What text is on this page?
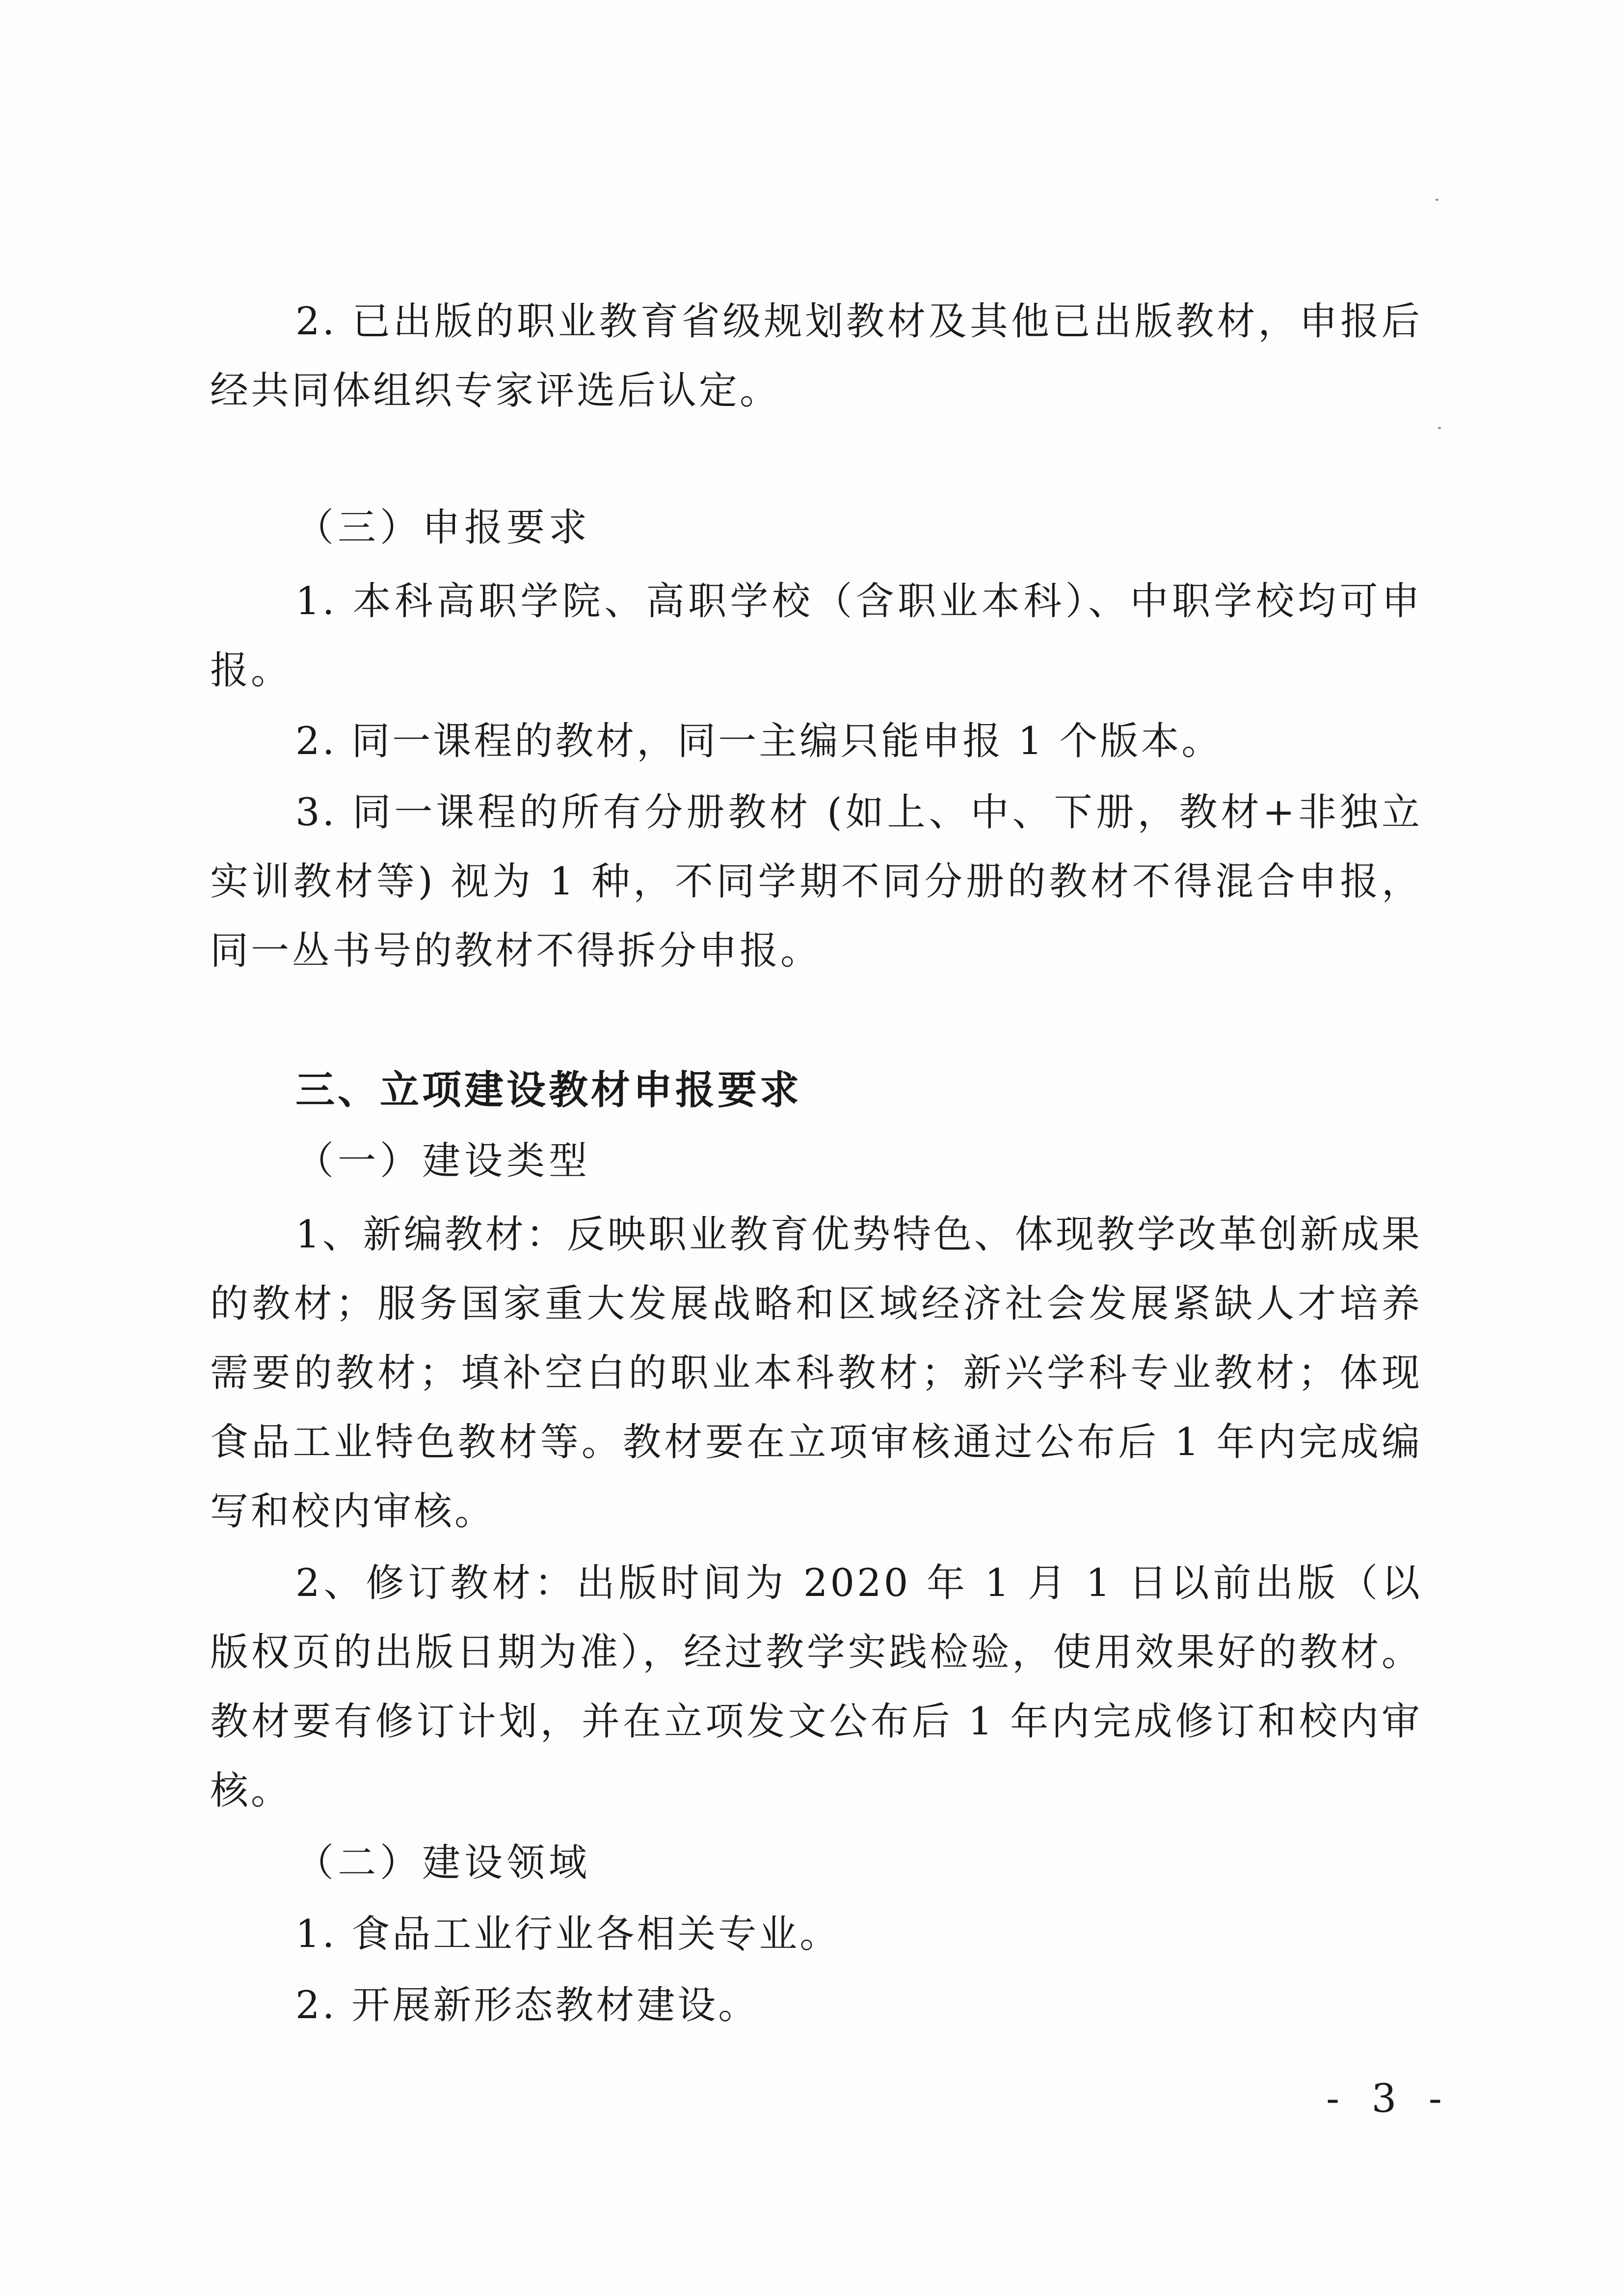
2. 已出版的职业教育省级规划教材及其他已出版教材，申报后经共同体组织专家评选后认定。

（三）申报要求

1. 本科高职学院、高职学校（含职业本科）、中职学校均可申报。

2. 同一课程的教材，同一主编只能申报 1 个版本。

3. 同一课程的所有分册教材 (如上、中、下册，教材+非独立实训教材等) 视为 1 种，不同学期不同分册的教材不得混合申报，同一丛书号的教材不得拆分申报。

三、立项建设教材申报要求

（一）建设类型

1、新编教材：反映职业教育优势特色、体现教学改革创新成果的教材；服务国家重大发展战略和区域经济社会发展紧缺人才培养需要的教材；填补空白的职业本科教材；新兴学科专业教材；体现食品工业特色教材等。教材要在立项审核通过公布后 1 年内完成编写和校内审核。

2、修订教材：出版时间为 2020 年 1 月 1 日以前出版（以版权页的出版日期为准），经过教学实践检验，使用效果好的教材。教材要有修订计划，并在立项发文公布后 1 年内完成修订和校内审核。

（二）建设领域

1. 食品工业行业各相关专业。

2. 开展新形态教材建设。

- 3 -
